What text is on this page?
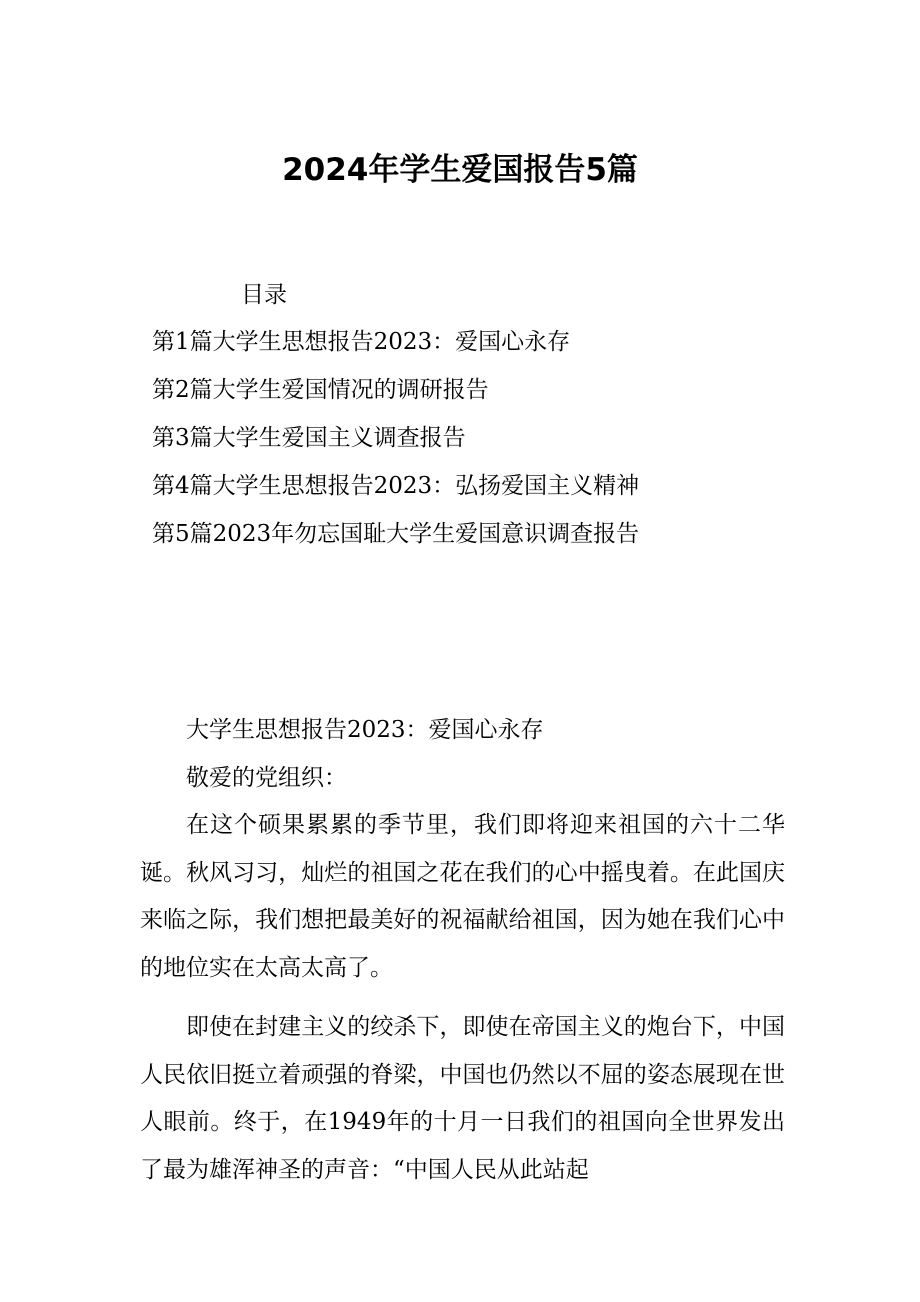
2024年学生爱国报告5篇
目录
第1篇大学生思想报告2023：爱国心永存
第2篇大学生爱国情况的调研报告
第3篇大学生爱国主义调查报告
第4篇大学生思想报告2023：弘扬爱国主义精神
第5篇2023年勿忘国耻大学生爱国意识调查报告

大学生思想报告2023：爱国心永存

敬爱的党组织：

在这个硕果累累的季节里，我们即将迎来祖国的六十二华诞。秋风习习，灿烂的祖国之花在我们的心中摇曳着。在此国庆来临之际，我们想把最美好的祝福献给祖国，因为她在我们心中的地位实在太高太高了。

即使在封建主义的绞杀下，即使在帝国主义的炮台下，中国人民依旧挺立着顽强的脊梁，中国也仍然以不屈的姿态展现在世人眼前。终于，在1949年的十月一日我们的祖国向全世界发出了最为雄浑神圣的声音：“中国人民从此站起
